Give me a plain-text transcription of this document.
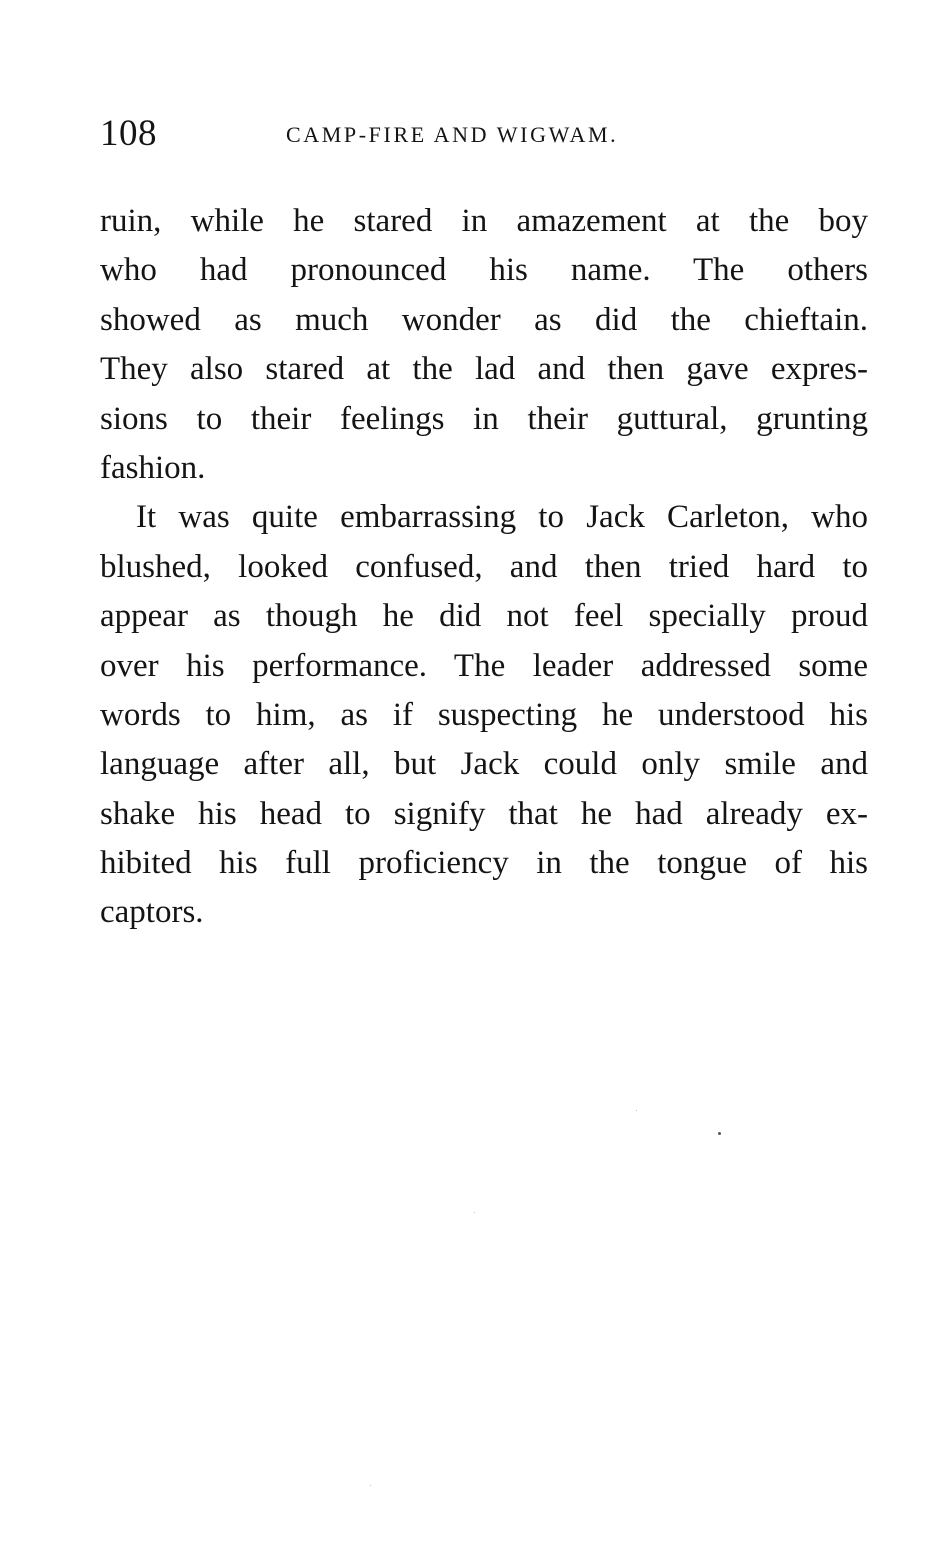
108	CAMP-FIRE AND WIGWAM.
ruin, while he stared in amazement at the boy
who had pronounced his name. The others
showed as much wonder as did the chieftain.
They also stared at the lad and then gave expres-
sions to their feelings in their guttural, grunting
fashion.
It was quite embarrassing to Jack Carleton, who
blushed, looked confused, and then tried hard to
appear as though he did not feel specially proud
over his performance. The leader addressed some
words to him, as if suspecting he understood his
language after all, but Jack could only smile and
shake his head to signify that he had already ex-
hibited his full proficiency in the tongue of his
captors.
